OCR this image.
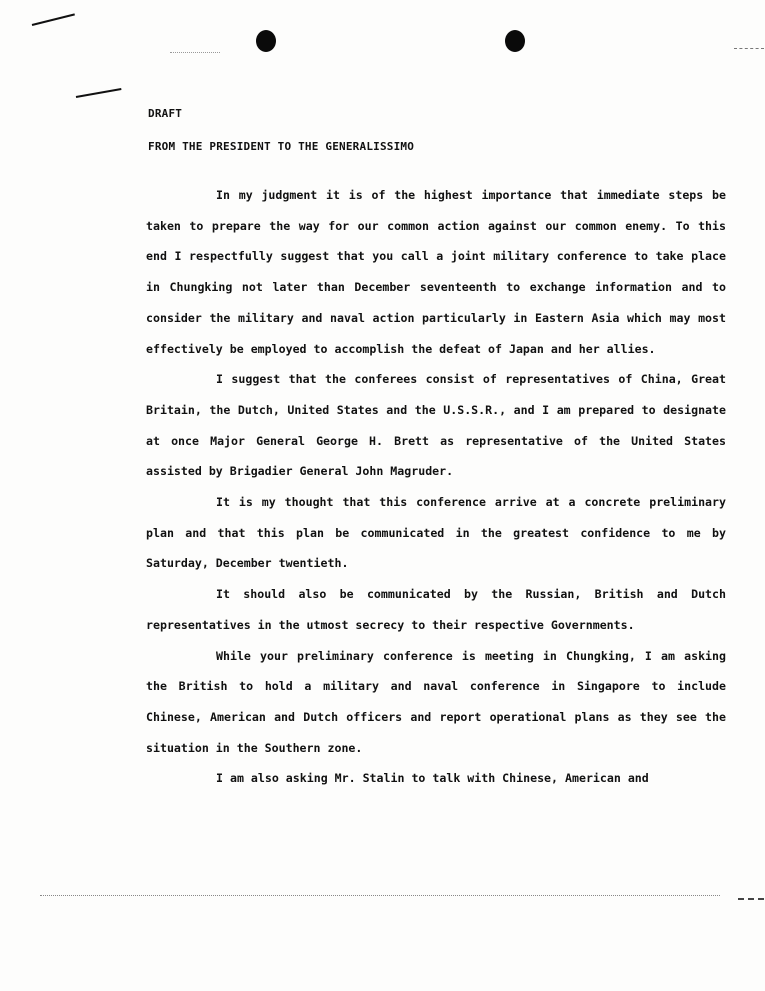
DRAFT
FROM THE PRESIDENT TO THE GENERALISSIMO

In my judgment it is of the highest importance that immediate steps be taken to prepare the way for our common action against our common enemy. To this end I respectfully suggest that you call a joint military conference to take place in Chungking not later than December seventeenth to exchange information and to consider the military and naval action particularly in Eastern Asia which may most effectively be employed to accomplish the defeat of Japan and her allies.

I suggest that the conferees consist of representatives of China, Great Britain, the Dutch, United States and the U.S.S.R., and I am prepared to designate at once Major General George H. Brett as representative of the United States assisted by Brigadier General John Magruder.

It is my thought that this conference arrive at a concrete preliminary plan and that this plan be communicated in the greatest confidence to me by Saturday, December twentieth.

It should also be communicated by the Russian, British and Dutch representatives in the utmost secrecy to their respective Governments.

While your preliminary conference is meeting in Chungking, I am asking the British to hold a military and naval conference in Singapore to include Chinese, American and Dutch officers and report operational plans as they see the situation in the Southern zone.

I am also asking Mr. Stalin to talk with Chinese, American and
